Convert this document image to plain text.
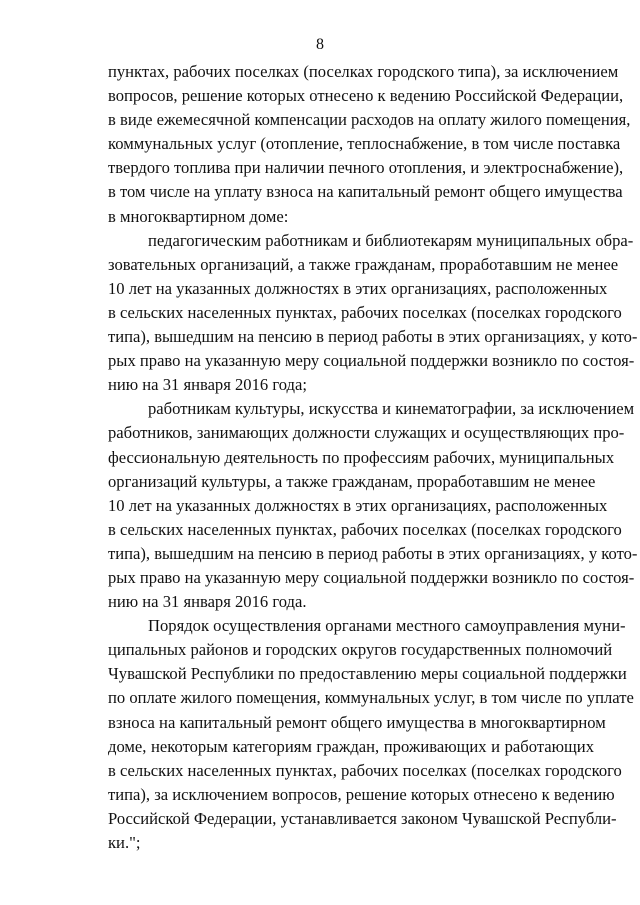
8
пунктах, рабочих поселках (поселках городского типа), за исключением
вопросов, решение которых отнесено к ведению Российской Федерации,
в виде ежемесячной компенсации расходов на оплату жилого помещения,
коммунальных услуг (отопление, теплоснабжение, в том числе поставка
твердого топлива при наличии печного отопления, и электроснабжение),
в том числе на уплату взноса на капитальный ремонт общего имущества
в многоквартирном доме:
педагогическим работникам и библиотекарям муниципальных обра-
зовательных организаций, а также гражданам, проработавшим не менее
10 лет на указанных должностях в этих организациях, расположенных
в сельских населенных пунктах, рабочих поселках (поселках городского
типа), вышедшим на пенсию в период работы в этих организациях, у кото-
рых право на указанную меру социальной поддержки возникло по состоя-
нию на 31 января 2016 года;
работникам культуры, искусства и кинематографии, за исключением
работников, занимающих должности служащих и осуществляющих про-
фессиональную деятельность по профессиям рабочих, муниципальных
организаций культуры, а также гражданам, проработавшим не менее
10 лет на указанных должностях в этих организациях, расположенных
в сельских населенных пунктах, рабочих поселках (поселках городского
типа), вышедшим на пенсию в период работы в этих организациях, у кото-
рых право на указанную меру социальной поддержки возникло по состоя-
нию на 31 января 2016 года.
Порядок осуществления органами местного самоуправления муни-
ципальных районов и городских округов государственных полномочий
Чувашской Республики по предоставлению меры социальной поддержки
по оплате жилого помещения, коммунальных услуг, в том числе по уплате
взноса на капитальный ремонт общего имущества в многоквартирном
доме, некоторым категориям граждан, проживающих и работающих
в сельских населенных пунктах, рабочих поселках (поселках городского
типа), за исключением вопросов, решение которых отнесено к ведению
Российской Федерации, устанавливается законом Чувашской Республи-
ки.";
